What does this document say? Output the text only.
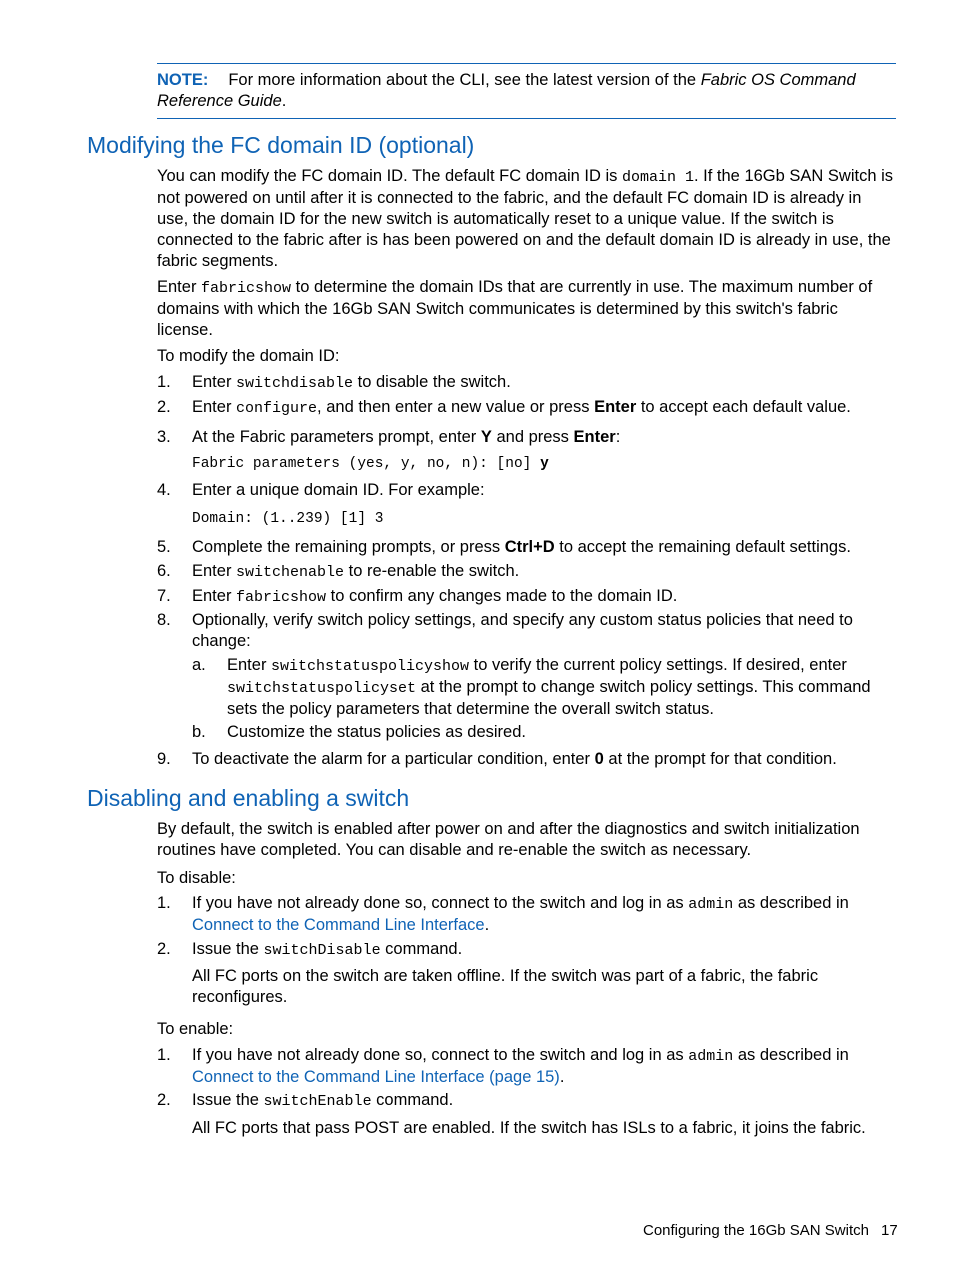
NOTE: For more information about the CLI, see the latest version of the Fabric OS Command Reference Guide.
Modifying the FC domain ID (optional)
You can modify the FC domain ID. The default FC domain ID is domain 1. If the 16Gb SAN Switch is not powered on until after it is connected to the fabric, and the default FC domain ID is already in use, the domain ID for the new switch is automatically reset to a unique value. If the switch is connected to the fabric after is has been powered on and the default domain ID is already in use, the fabric segments.
Enter fabricshow to determine the domain IDs that are currently in use. The maximum number of domains with which the 16Gb SAN Switch communicates is determined by this switch's fabric license.
To modify the domain ID:
1. Enter switchdisable to disable the switch.
2. Enter configure, and then enter a new value or press Enter to accept each default value.
3. At the Fabric parameters prompt, enter Y and press Enter:
Fabric parameters (yes, y, no, n): [no] y
4. Enter a unique domain ID. For example:
Domain: (1..239) [1] 3
5. Complete the remaining prompts, or press Ctrl+D to accept the remaining default settings.
6. Enter switchenable to re-enable the switch.
7. Enter fabricshow to confirm any changes made to the domain ID.
8. Optionally, verify switch policy settings, and specify any custom status policies that need to change:
a. Enter switchstatuspolicyshow to verify the current policy settings. If desired, enter switchstatuspolicyset at the prompt to change switch policy settings. This command sets the policy parameters that determine the overall switch status.
b. Customize the status policies as desired.
9. To deactivate the alarm for a particular condition, enter 0 at the prompt for that condition.
Disabling and enabling a switch
By default, the switch is enabled after power on and after the diagnostics and switch initialization routines have completed. You can disable and re-enable the switch as necessary.
To disable:
1. If you have not already done so, connect to the switch and log in as admin as described in Connect to the Command Line Interface.
2. Issue the switchDisable command.
All FC ports on the switch are taken offline. If the switch was part of a fabric, the fabric reconfigures.
To enable:
1. If you have not already done so, connect to the switch and log in as admin as described in Connect to the Command Line Interface (page 15).
2. Issue the switchEnable command.
All FC ports that pass POST are enabled. If the switch has ISLs to a fabric, it joins the fabric.
Configuring the 16Gb SAN Switch 17
